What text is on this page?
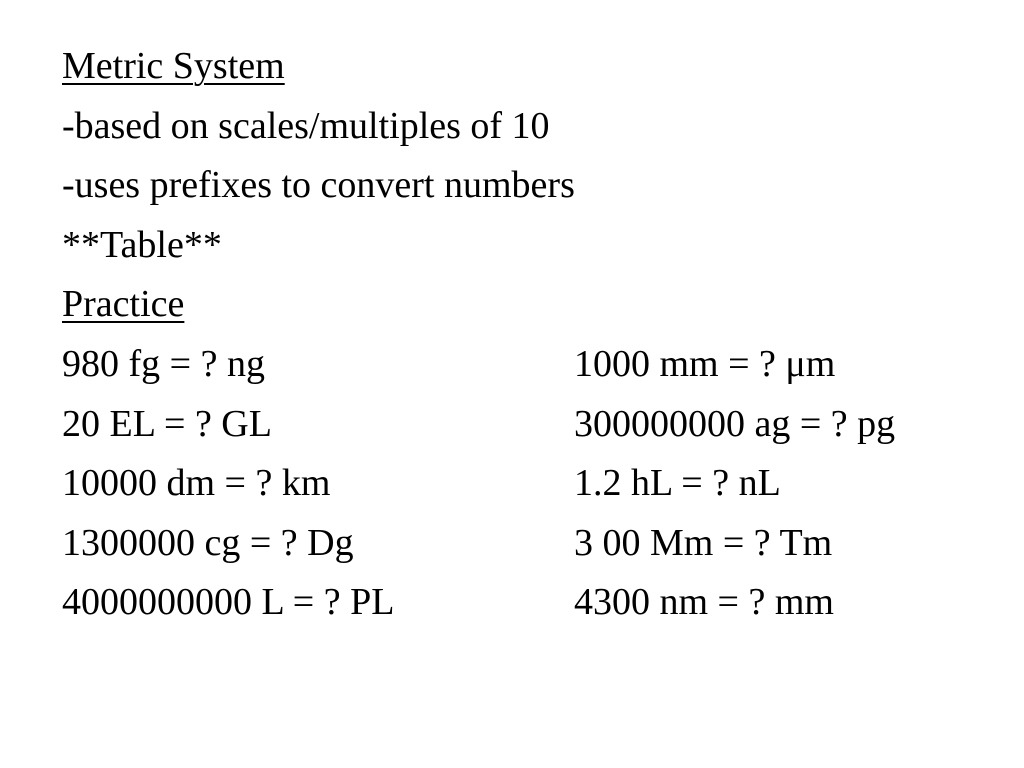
Metric System
-based on scales/multiples of 10
-uses prefixes to convert numbers
**Table**
Practice
980 fg = ? ng	1000 mm = ? μm
20 EL = ? GL	300000000 ag = ? pg
10000 dm = ? km	1.2 hL = ? nL
1300000 cg = ? Dg	3 00 Mm = ? Tm
4000000000 L = ? PL	4300 nm = ? mm
